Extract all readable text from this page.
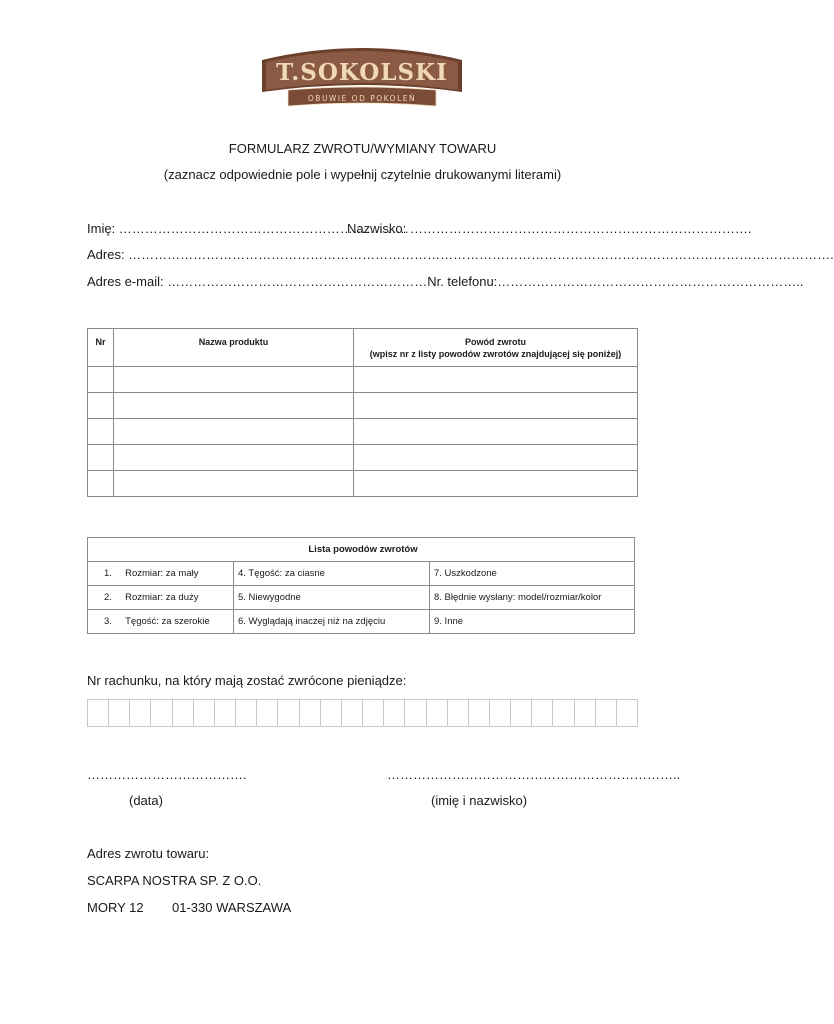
T.SOKOLSKI
OBUWIE OD POKOLEŃ
FORMULARZ ZWROTU/WYMIANY TOWARU
(zaznacz odpowiednie pole i wypełnij czytelnie drukowanymi literami)
Imię: ………………………………………………………….
Nazwisko: …………………………………………………………………….
Adres: ……………………………………………………………………………………………………………………………………………….
Adres e-mail: ……………………………………………………Nr. telefonu:……………………………………………………………..
Nr	Nazwa produktu	Powód zwrotu
(wpisz nr z listy powodów zwrotów znajdującej się poniżej)

Lista powodów zwrotów		
1.     Rozmiar: za mały	4. Tęgość: za ciasne	7. Uszkodzone
2.     Rozmiar: za duży	5. Niewygodne	8. Błędnie wysłany: model/rozmiar/kolor
3.     Tęgość: za szerokie	6. Wyglądają inaczej niż na zdjęciu	9. Inne
Nr rachunku, na który mają zostać zwrócone pieniądze:
……………………………….	…………………………………………………………..
(data)	(imię i nazwisko)
Adres zwrotu towaru:
SCARPA NOSTRA SP. Z O.O.
MORY 12 01-330 WARSZAWA
